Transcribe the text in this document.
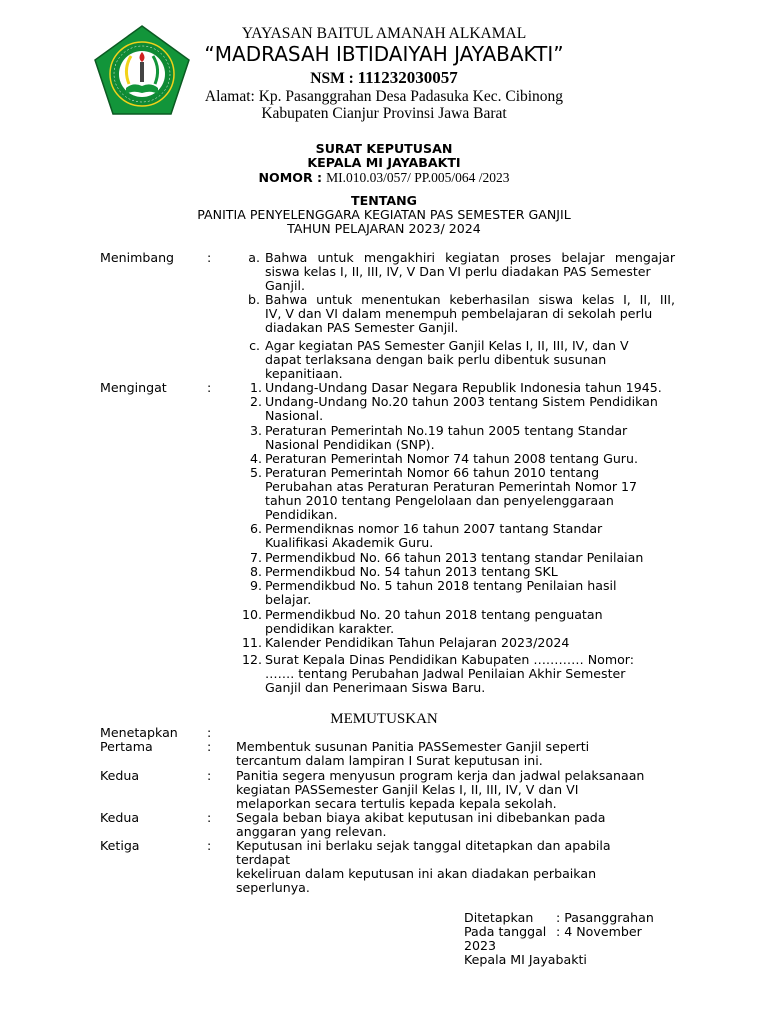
YAYASAN BAITUL AMANAH ALKAMAL
“MADRASAH IBTIDAIYAH JAYABAKTI”
NSM : 111232030057
Alamat: Kp. Pasanggrahan Desa Padasuka Kec. Cibinong
Kabupaten Cianjur Provinsi Jawa Barat
SURAT KEPUTUSAN
KEPALA MI JAYABAKTI
NOMOR : MI.010.03/057/ PP.005/064 /2023
TENTANG
PANITIA PENYELENGGARA KEGIATAN PAS SEMESTER GANJIL
TAHUN PELAJARAN 2023/ 2024
Menimbang	:	a. Bahwa untuk mengakhiri kegiatan proses belajar mengajar
siswa kelas I, II, III, IV, V Dan VI perlu diadakan PAS Semester
Ganjil.
b. Bahwa untuk menentukan keberhasilan siswa kelas I, II, III,
IV, V dan VI dalam menempuh pembelajaran di sekolah perlu
diadakan PAS Semester Ganjil.
c. Agar kegiatan PAS Semester Ganjil Kelas I, II, III, IV, dan V
dapat terlaksana dengan baik perlu dibentuk susunan
kepanitiaan.
Mengingat	:	1. Undang-Undang Dasar Negara Republik Indonesia tahun 1945.
2. Undang-Undang No.20 tahun 2003 tentang Sistem Pendidikan
Nasional.
3. Peraturan Pemerintah No.19 tahun 2005 tentang Standar
Nasional Pendidikan (SNP).
4. Peraturan Pemerintah Nomor 74 tahun 2008 tentang Guru.
5. Peraturan Pemerintah Nomor 66 tahun 2010 tentang
Perubahan atas Peraturan Peraturan Pemerintah Nomor 17
tahun 2010 tentang Pengelolaan dan penyelenggaraan
Pendidikan.
6. Permendiknas nomor 16 tahun 2007 tantang Standar
Kualifikasi Akademik Guru.
7. Permendikbud No. 66 tahun 2013 tentang standar Penilaian
8. Permendikbud No. 54 tahun 2013 tentang SKL
9. Permendikbud No. 5 tahun 2018 tentang Penilaian hasil
belajar.
10. Permendikbud No. 20 tahun 2018 tentang penguatan
pendidikan karakter.
11. Kalender Pendidikan Tahun Pelajaran 2023/2024
12. Surat Kepala Dinas Pendidikan Kabupaten ………… Nomor:
……. tentang Perubahan Jadwal Penilaian Akhir Semester
Ganjil dan Penerimaan Siswa Baru.
MEMUTUSKAN
Menetapkan :
Pertama	: Membentuk susunan Panitia PASSemester Ganjil seperti
tercantum dalam lampiran I Surat keputusan ini.
Kedua	: Panitia segera menyusun program kerja dan jadwal pelaksanaan
kegiatan PASSemester Ganjil Kelas I, II, III, IV, V dan VI
melaporkan secara tertulis kepada kepala sekolah.
Kedua	: Segala beban biaya akibat keputusan ini dibebankan pada
anggaran yang relevan.
Ketiga	: Keputusan ini berlaku sejak tanggal ditetapkan dan apabila
terdapat
kekeliruan dalam keputusan ini akan diadakan perbaikan
seperlunya.
Ditetapkan : Pasanggrahan
Pada tanggal : 4 November
2023
Kepala MI Jayabakti
